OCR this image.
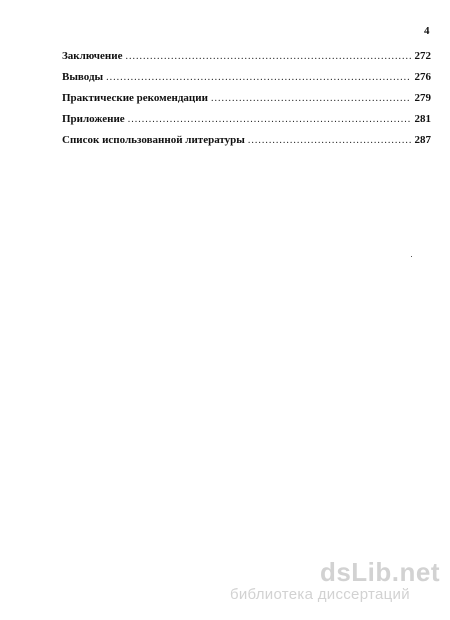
4
Заключение .....	272
Выводы .....	276
Практические рекомендации .....	279
Приложение .....	281
Список использованной литературы .....	287
dsLib.net
библиотека диссертаций
